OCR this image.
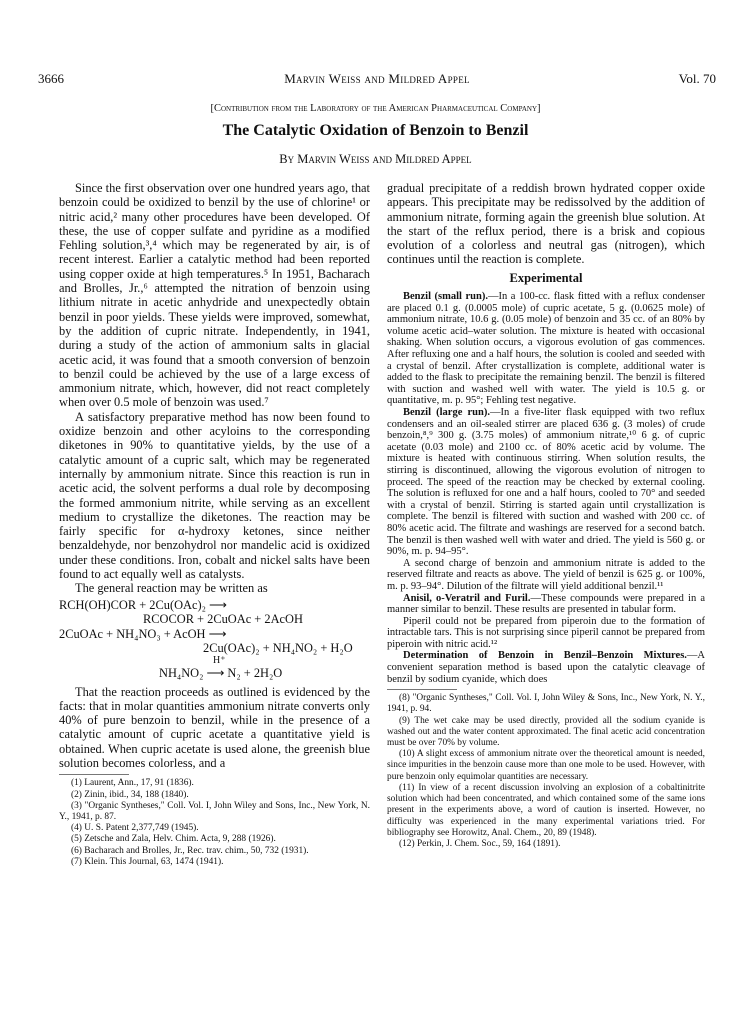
3666	Marvin Weiss and Mildred Appel	Vol. 70
[Contribution from the Laboratory of the American Pharmaceutical Company]
The Catalytic Oxidation of Benzoin to Benzil
By Marvin Weiss and Mildred Appel

Since the first observation over one hundred years ago, that benzoin could be oxidized to benzil by the use of chlorine¹ or nitric acid,² many other procedures have been developed. Of these, the use of copper sulfate and pyridine as a modified Fehling solution,³,⁴ which may be regenerated by air, is of recent interest. Earlier a catalytic method had been reported using copper oxide at high temperatures.⁵ In 1951, Bacharach and Brolles, Jr.,⁶ attempted the nitration of benzoin using lithium nitrate in acetic anhydride and unexpectedly obtain benzil in poor yields. These yields were improved, somewhat, by the addition of cupric nitrate. Independently, in 1941, during a study of the action of ammonium salts in glacial acetic acid, it was found that a smooth conversion of benzoin to benzil could be achieved by the use of a large excess of ammonium nitrate, which, however, did not react completely when over 0.5 mole of benzoin was used.⁷

A satisfactory preparative method has now been found to oxidize benzoin and other acyloins to the corresponding diketones in 90% to quantitative yields, by the use of a catalytic amount of a cupric salt, which may be regenerated internally by ammonium nitrate. Since this reaction is run in acetic acid, the solvent performs a dual role by decomposing the formed ammonium nitrite, while serving as an excellent medium to crystallize the diketones. The reaction may be fairly specific for α-hydroxy ketones, since neither benzaldehyde, nor benzohydrol nor mandelic acid is oxidized under these conditions. Iron, cobalt and nickel salts have been found to act equally well as catalysts.

The general reaction may be written as

RCH(OH)COR + 2Cu(OAc)₂ ⟶
RCOCOR + 2CuOAc + 2AcOH
2CuOAc + NH₄NO₃ + AcOH ⟶
2Cu(OAc)₂ + NH₄NO₂ + H₂O
H⁺
NH₄NO₂ ⟶ N₂ + 2H₂O

That the reaction proceeds as outlined is evidenced by the facts: that in molar quantities ammonium nitrate converts only 40% of pure benzoin to benzil, while in the presence of a catalytic amount of cupric acetate a quantitative yield is obtained. When cupric acetate is used alone, the greenish blue solution becomes colorless, and a

(1) Laurent, Ann., 17, 91 (1836).
(2) Zinin, ibid., 34, 188 (1840).
(3) "Organic Syntheses," Coll. Vol. I, John Wiley and Sons, Inc., New York, N. Y., 1941, p. 87.
(4) U. S. Patent 2,377,749 (1945).
(5) Zetsche and Zala, Helv. Chim. Acta, 9, 288 (1926).
(6) Bacharach and Brolles, Jr., Rec. trav. chim., 50, 732 (1931).
(7) Klein. This Journal, 63, 1474 (1941).

gradual precipitate of a reddish brown hydrated copper oxide appears. This precipitate may be redissolved by the addition of ammonium nitrate, forming again the greenish blue solution. At the start of the reflux period, there is a brisk and copious evolution of a colorless and neutral gas (nitrogen), which continues until the reaction is complete.

Experimental

Benzil (small run).—In a 100-cc. flask fitted with a reflux condenser are placed 0.1 g. (0.0005 mole) of cupric acetate, 5 g. (0.0625 mole) of ammonium nitrate, 10.6 g. (0.05 mole) of benzoin and 35 cc. of an 80% by volume acetic acid–water solution. The mixture is heated with occasional shaking. When solution occurs, a vigorous evolution of gas commences. After refluxing one and a half hours, the solution is cooled and seeded with a crystal of benzil. After crystallization is complete, additional water is added to the flask to precipitate the remaining benzil. The benzil is filtered with suction and washed well with water. The yield is 10.5 g. or quantitative, m. p. 95°; Fehling test negative.

Benzil (large run).—In a five-liter flask equipped with two reflux condensers and an oil-sealed stirrer are placed 636 g. (3 moles) of crude benzoin,⁸,⁹ 300 g. (3.75 moles) of ammonium nitrate,¹⁰ 6 g. of cupric acetate (0.03 mole) and 2100 cc. of 80% acetic acid by volume. The mixture is heated with continuous stirring. When solution results, the stirring is discontinued, allowing the vigorous evolution of nitrogen to proceed. The speed of the reaction may be checked by external cooling. The solution is refluxed for one and a half hours, cooled to 70° and seeded with a crystal of benzil. Stirring is started again until crystallization is complete. The benzil is filtered with suction and washed with 200 cc. of 80% acetic acid. The filtrate and washings are reserved for a second batch. The benzil is then washed well with water and dried. The yield is 560 g. or 90%, m. p. 94–95°.

A second charge of benzoin and ammonium nitrate is added to the reserved filtrate and reacts as above. The yield of benzil is 625 g. or 100%, m. p. 93–94°. Dilution of the filtrate will yield additional benzil.¹¹

Anisil, o-Veratril and Furil.—These compounds were prepared in a manner similar to benzil. These results are presented in tabular form.

Piperil could not be prepared from piperoin due to the formation of intractable tars. This is not surprising since piperil cannot be prepared from piperoin with nitric acid.¹²

Determination of Benzoin in Benzil–Benzoin Mixtures.—A convenient separation method is based upon the catalytic cleavage of benzil by sodium cyanide, which does

(8) "Organic Syntheses," Coll. Vol. I, John Wiley & Sons, Inc., New York, N. Y., 1941, p. 94.
(9) The wet cake may be used directly, provided all the sodium cyanide is washed out and the water content approximated. The final acetic acid concentration must be over 70% by volume.
(10) A slight excess of ammonium nitrate over the theoretical amount is needed, since impurities in the benzoin cause more than one mole to be used. However, with pure benzoin only equimolar quantities are necessary.
(11) In view of a recent discussion involving an explosion of a cobaltinitrite solution which had been concentrated, and which contained some of the same ions present in the experiments above, a word of caution is inserted. However, no difficulty was experienced in the many experimental variations tried. For bibliography see Horowitz, Anal. Chem., 20, 89 (1948).
(12) Perkin, J. Chem. Soc., 59, 164 (1891).
